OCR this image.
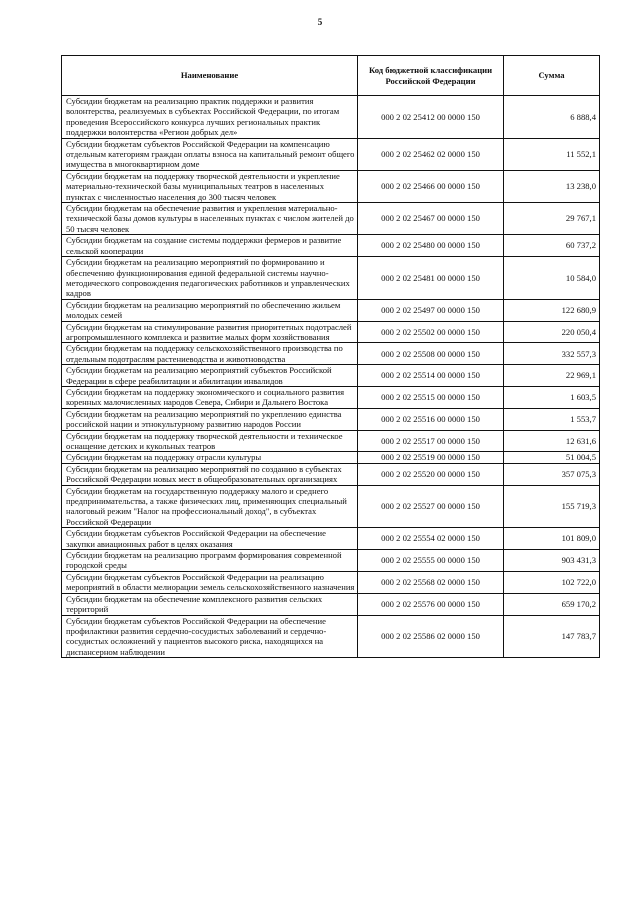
5
Наименование	Код бюджетной классификации Российской Федерации	Сумма
Субсидии бюджетам на реализацию практик поддержки и развития волонтерства, реализуемых в субъектах Российской Федерации, по итогам проведения Всероссийского конкурса лучших региональных практик поддержки волонтерства «Регион добрых дел»	000 2 02 25412 00 0000 150	6 888,4
Субсидии бюджетам субъектов Российской Федерации на компенсацию отдельным категориям граждан оплаты взноса на капитальный ремонт общего имущества в многоквартирном доме	000 2 02 25462 02 0000 150	11 552,1
Субсидии бюджетам на поддержку творческой деятельности и укрепление материально-технической базы муниципальных театров в населенных пунктах с численностью населения до 300 тысяч человек	000 2 02 25466 00 0000 150	13 238,0
Субсидии бюджетам на обеспечение развития и укрепления материально-технической базы домов культуры в населенных пунктах с числом жителей до 50 тысяч человек	000 2 02 25467 00 0000 150	29 767,1
Субсидии бюджетам на создание системы поддержки фермеров и развитие сельской кооперации	000 2 02 25480 00 0000 150	60 737,2
Субсидии бюджетам на реализацию мероприятий по формированию и обеспечению функционирования единой федеральной системы научно-методического сопровождения педагогических работников и управленческих кадров	000 2 02 25481 00 0000 150	10 584,0
Субсидии бюджетам на реализацию мероприятий по обеспечению жильем молодых семей	000 2 02 25497 00 0000 150	122 680,9
Субсидии бюджетам на стимулирование развития приоритетных подотраслей агропромышленного комплекса и развитие малых форм хозяйствования	000 2 02 25502 00 0000 150	220 050,4
Субсидии бюджетам на поддержку сельскохозяйственного производства по отдельным подотраслям растениеводства и животноводства	000 2 02 25508 00 0000 150	332 557,3
Субсидии бюджетам на реализацию мероприятий субъектов Российской Федерации в сфере реабилитации и абилитации инвалидов	000 2 02 25514 00 0000 150	22 969,1
Субсидии бюджетам на поддержку экономического и социального развития коренных малочисленных народов Севера, Сибири и Дальнего Востока	000 2 02 25515 00 0000 150	1 603,5
Субсидии бюджетам на реализацию мероприятий по укреплению единства российской нации и этнокультурному развитию народов России	000 2 02 25516 00 0000 150	1 553,7
Субсидии бюджетам на поддержку творческой деятельности и техническое оснащение детских и кукольных театров	000 2 02 25517 00 0000 150	12 631,6
Субсидии бюджетам на поддержку отрасли культуры	000 2 02 25519 00 0000 150	51 004,5
Субсидии бюджетам на реализацию мероприятий по созданию в субъектах Российской Федерации новых мест в общеобразовательных организациях	000 2 02 25520 00 0000 150	357 075,3
Субсидии бюджетам на государственную поддержку малого и среднего предпринимательства, а также физических лиц, применяющих специальный налоговый режим "Налог на профессиональный доход", в субъектах Российской Федерации	000 2 02 25527 00 0000 150	155 719,3
Субсидии бюджетам субъектов Российской Федерации на обеспечение закупки авиационных работ в целях оказания	000 2 02 25554 02 0000 150	101 809,0
Субсидии бюджетам на реализацию программ формирования современной городской среды	000 2 02 25555 00 0000 150	903 431,3
Субсидии бюджетам субъектов Российской Федерации на реализацию мероприятий в области мелиорации земель сельскохозяйственного назначения	000 2 02 25568 02 0000 150	102 722,0
Субсидии бюджетам на обеспечение комплексного развития сельских территорий	000 2 02 25576 00 0000 150	659 170,2
Субсидии бюджетам субъектов Российской Федерации на обеспечение профилактики развития сердечно-сосудистых заболеваний и сердечно-сосудистых осложнений у пациентов высокого риска, находящихся на диспансерном наблюдении	000 2 02 25586 02 0000 150	147 783,7
